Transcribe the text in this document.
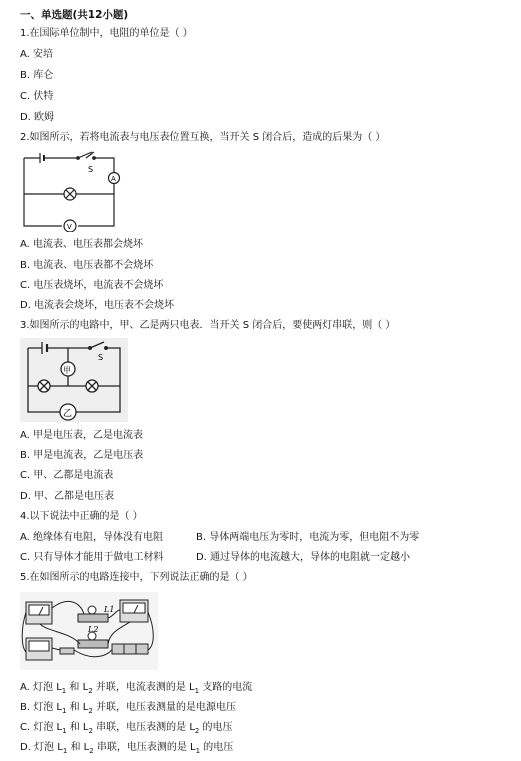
一、单选题(共12小题)
1.在国际单位制中，电阻的单位是（ ）
A. 安培
B. 库仑
C. 伏特
D. 欧姆
2.如图所示，若将电流表与电压表位置互换，当开关 S 闭合后，造成的后果为（ ）
S
A
V
A. 电流表、电压表都会烧坏
B. 电流表、电压表都不会烧坏
C. 电压表烧坏，电流表不会烧坏
D. 电流表会烧坏，电压表不会烧坏
3.如图所示的电路中，甲、乙是两只电表．当开关 S 闭合后，要使两灯串联，则（ ）
S
甲
乙
A. 甲是电压表，乙是电流表
B. 甲是电流表，乙是电压表
C. 甲、乙都是电流表
D. 甲、乙都是电压表
4.以下说法中正确的是（ ）
A. 绝缘体有电阻，导体没有电阻	B. 导体两端电压为零时，电流为零，但电阻不为零
C. 只有导体才能用于做电工材料	D. 通过导体的电流越大，导体的电阻就一定越小
5.在如图所示的电路连接中，下列说法正确的是（ ）
L1
L2
A. 灯泡 $L_1$ 和 $L_2$ 并联，电流表测的是 $L_1$ 支路的电流
B. 灯泡 $L_1$ 和 $L_2$ 并联，电压表测量的是电源电压
C. 灯泡 $L_1$ 和 $L_2$ 串联，电压表测的是 $L_2$ 的电压
D. 灯泡 $L_1$ 和 $L_2$ 串联，电压表测的是 $L_1$ 的电压
